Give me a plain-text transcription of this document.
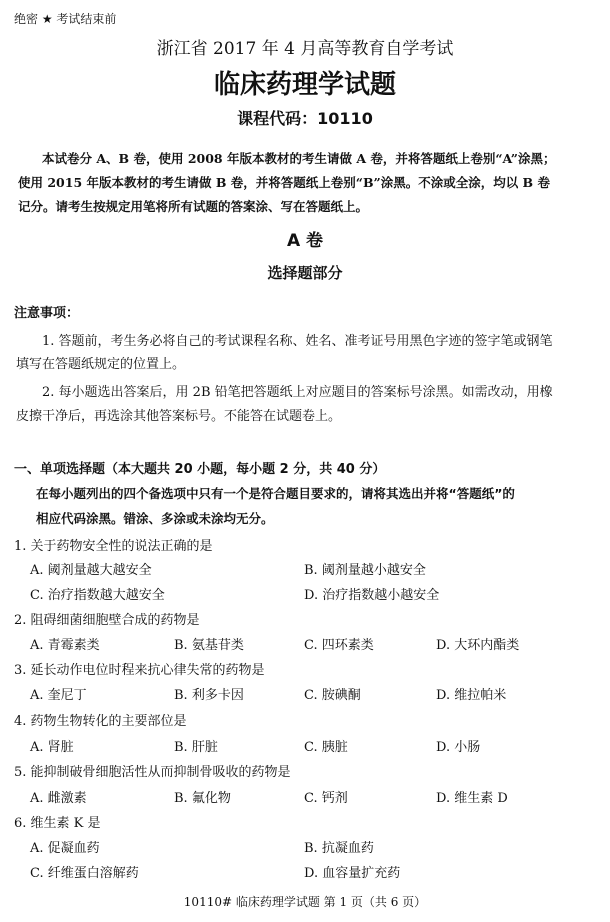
绝密 ★ 考试结束前
浙江省 2017 年 4 月高等教育自学考试
临床药理学试题
课程代码：10110
本试卷分 A、B 卷，使用 2008 年版本教材的考生请做 A 卷，并将答题纸上卷别“A”涂黑；
使用 2015 年版本教材的考生请做 B 卷，并将答题纸上卷别“B”涂黑。不涂或全涂，均以 B 卷
记分。请考生按规定用笔将所有试题的答案涂、写在答题纸上。
A 卷
选择题部分
注意事项：
1. 答题前，考生务必将自己的考试课程名称、姓名、准考证号用黑色字迹的签字笔或钢笔
填写在答题纸规定的位置上。
2. 每小题选出答案后，用 2B 铅笔把答题纸上对应题目的答案标号涂黑。如需改动，用橡
皮擦干净后，再选涂其他答案标号。不能答在试题卷上。
一、单项选择题（本大题共 20 小题，每小题 2 分，共 40 分）
在每小题列出的四个备选项中只有一个是符合题目要求的，请将其选出并将“答题纸”的
相应代码涂黑。错涂、多涂或未涂均无分。
1. 关于药物安全性的说法正确的是
A. 阈剂量越大越安全	B. 阈剂量越小越安全
C. 治疗指数越大越安全	D. 治疗指数越小越安全
2. 阻碍细菌细胞壁合成的药物是
A. 青霉素类	B. 氨基苷类	C. 四环素类	D. 大环内酯类
3. 延长动作电位时程来抗心律失常的药物是
A. 奎尼丁	B. 利多卡因	C. 胺碘酮	D. 维拉帕米
4. 药物生物转化的主要部位是
A. 肾脏	B. 肝脏	C. 胰脏	D. 小肠
5. 能抑制破骨细胞活性从而抑制骨吸收的药物是
A. 雌激素	B. 氟化物	C. 钙剂	D. 维生素 D
6. 维生素 K 是
A. 促凝血药	B. 抗凝血药
C. 纤维蛋白溶解药	D. 血容量扩充药
10110# 临床药理学试题 第 1 页（共 6 页）
